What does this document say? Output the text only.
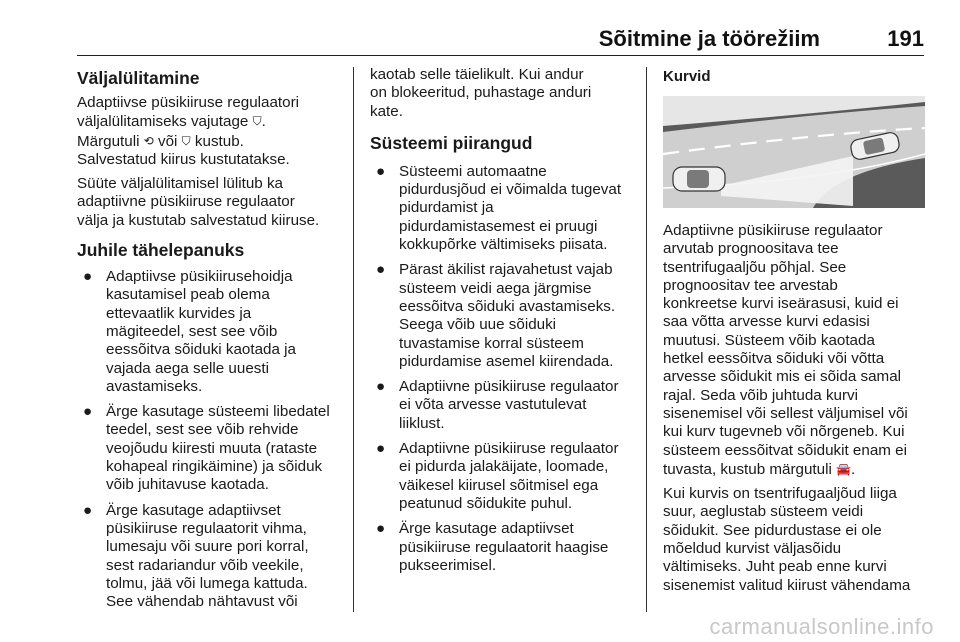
Sõitmine ja töörežiim	191
Väljalülitamine

Adaptiivse püsikiiruse regulaatori
väljalülitamiseks vajutage ⛉.
Märgutuli ⟲ või ⛉ kustub.
Salvestatud kiirus kustutatakse.

Süüte väljalülitamisel lülitub ka
adaptiivne püsikiiruse regulaator
välja ja kustutab salvestatud kiiruse.

Juhile tähelepanuks
● Adaptiivse püsikiirusehoidja
kasutamisel peab olema
ettevaatlik kurvides ja
mägiteedel, sest see võib
eessõitva sõiduki kaotada ja
vajada aega selle uuesti
avastamiseks.
● Ärge kasutage süsteemi libedatel
teedel, sest see võib rehvide
veojõudu kiiresti muuta (rataste
kohapeal ringikäimine) ja sõiduk
võib juhitavuse kaotada.
● Ärge kasutage adaptiivset
püsikiiruse regulaatorit vihma,
lumesaju või suure pori korral,
sest radariandur võib veekile,
tolmu, jää või lumega kattuda.
See vähendab nähtavust või

kaotab selle täielikult. Kui andur
on blokeeritud, puhastage anduri
kate.

Süsteemi piirangud
● Süsteemi automaatne
pidurdusjõud ei võimalda tugevat
pidurdamist ja
pidurdamistasemest ei pruugi
kokkupõrke vältimiseks piisata.
● Pärast äkilist rajavahetust vajab
süsteem veidi aega järgmise
eessõitva sõiduki avastamiseks.
Seega võib uue sõiduki
tuvastamise korral süsteem
pidurdamise asemel kiirendada.
● Adaptiivne püsikiiruse regulaator
ei võta arvesse vastutulevat
liiklust.
● Adaptiivne püsikiiruse regulaator
ei pidurda jalakäijate, loomade,
väikesel kiirusel sõitmisel ega
peatunud sõidukite puhul.
● Ärge kasutage adaptiivset
püsikiiruse regulaatorit haagise
pukseerimisel.
Kurvid

Adaptiivne püsikiiruse regulaator
arvutab prognoositava tee
tsentrifugaaljõu põhjal. See
prognoositav tee arvestab
konkreetse kurvi iseärasusi, kuid ei
saa võtta arvesse kurvi edasisi
muutusi. Süsteem võib kaotada
hetkel eessõitva sõiduki või võtta
arvesse sõidukit mis ei sõida samal
rajal. Seda võib juhtuda kurvi
sisenemisel või sellest väljumisel või
kui kurv tugevneb või nõrgeneb. Kui
süsteem eessõitvat sõidukit enam ei
tuvasta, kustub märgutuli 🚘.

Kui kurvis on tsentrifugaaljõud liiga
suur, aeglustab süsteem veidi
sõidukit. See pidurdustase ei ole
mõeldud kurvist väljasõidu
vältimiseks. Juht peab enne kurvi
sisenemist valitud kiirust vähendama

carmanualsonline.info
